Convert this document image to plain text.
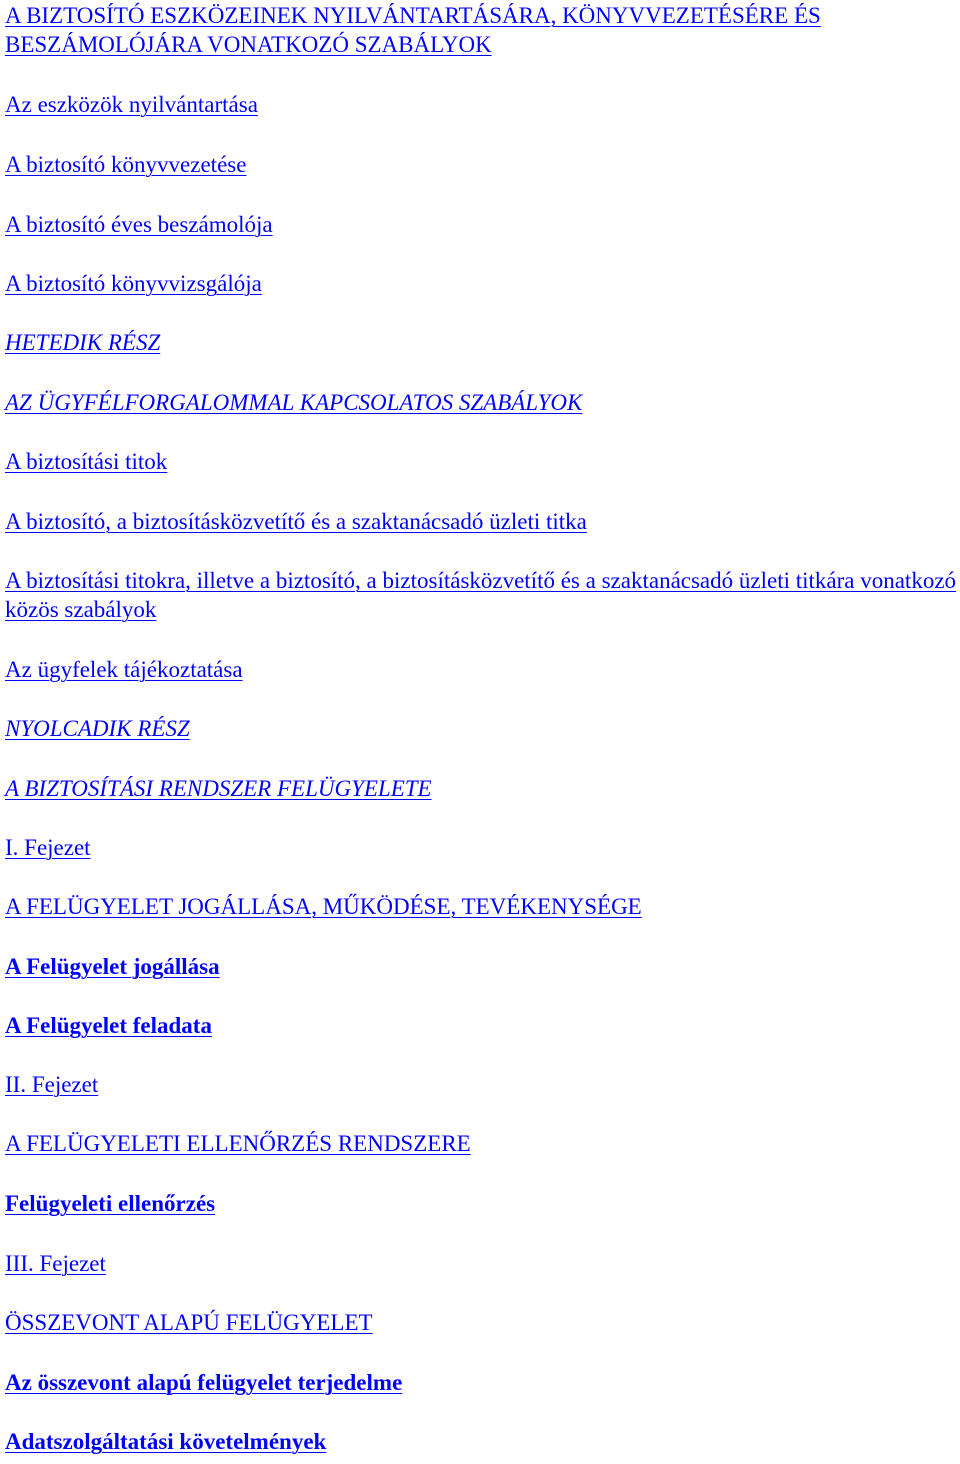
A BIZTOSÍTÓ ESZKÖZEINEK NYILVÁNTARTÁSÁRA, KÖNYVVEZETÉSÉRE ÉS BESZÁMOLÓJÁRA VONATKOZÓ SZABÁLYOK
Az eszközök nyilvántartása
A biztosító könyvvezetése
A biztosító éves beszámolója
A biztosító könyvvizsgálója
HETEDIK RÉSZ
AZ ÜGYFÉLFORGALOMMAL KAPCSOLATOS SZABÁLYOK
A biztosítási titok
A biztosító, a biztosításközvetítő és a szaktanácsadó üzleti titka
A biztosítási titokra, illetve a biztosító, a biztosításközvetítő és a szaktanácsadó üzleti titkára vonatkozó közös szabályok
Az ügyfelek tájékoztatása
NYOLCADIK RÉSZ
A BIZTOSÍTÁSI RENDSZER FELÜGYELETE
I. Fejezet
A FELÜGYELET JOGÁLLÁSA, MŰKÖDÉSE, TEVÉKENYSÉGE
A Felügyelet jogállása
A Felügyelet feladata
II. Fejezet
A FELÜGYELETI ELLENŐRZÉS RENDSZERE
Felügyeleti ellenőrzés
III. Fejezet
ÖSSZEVONT ALAPÚ FELÜGYELET
Az összevont alapú felügyelet terjedelme
Adatszolgáltatási követelmények
